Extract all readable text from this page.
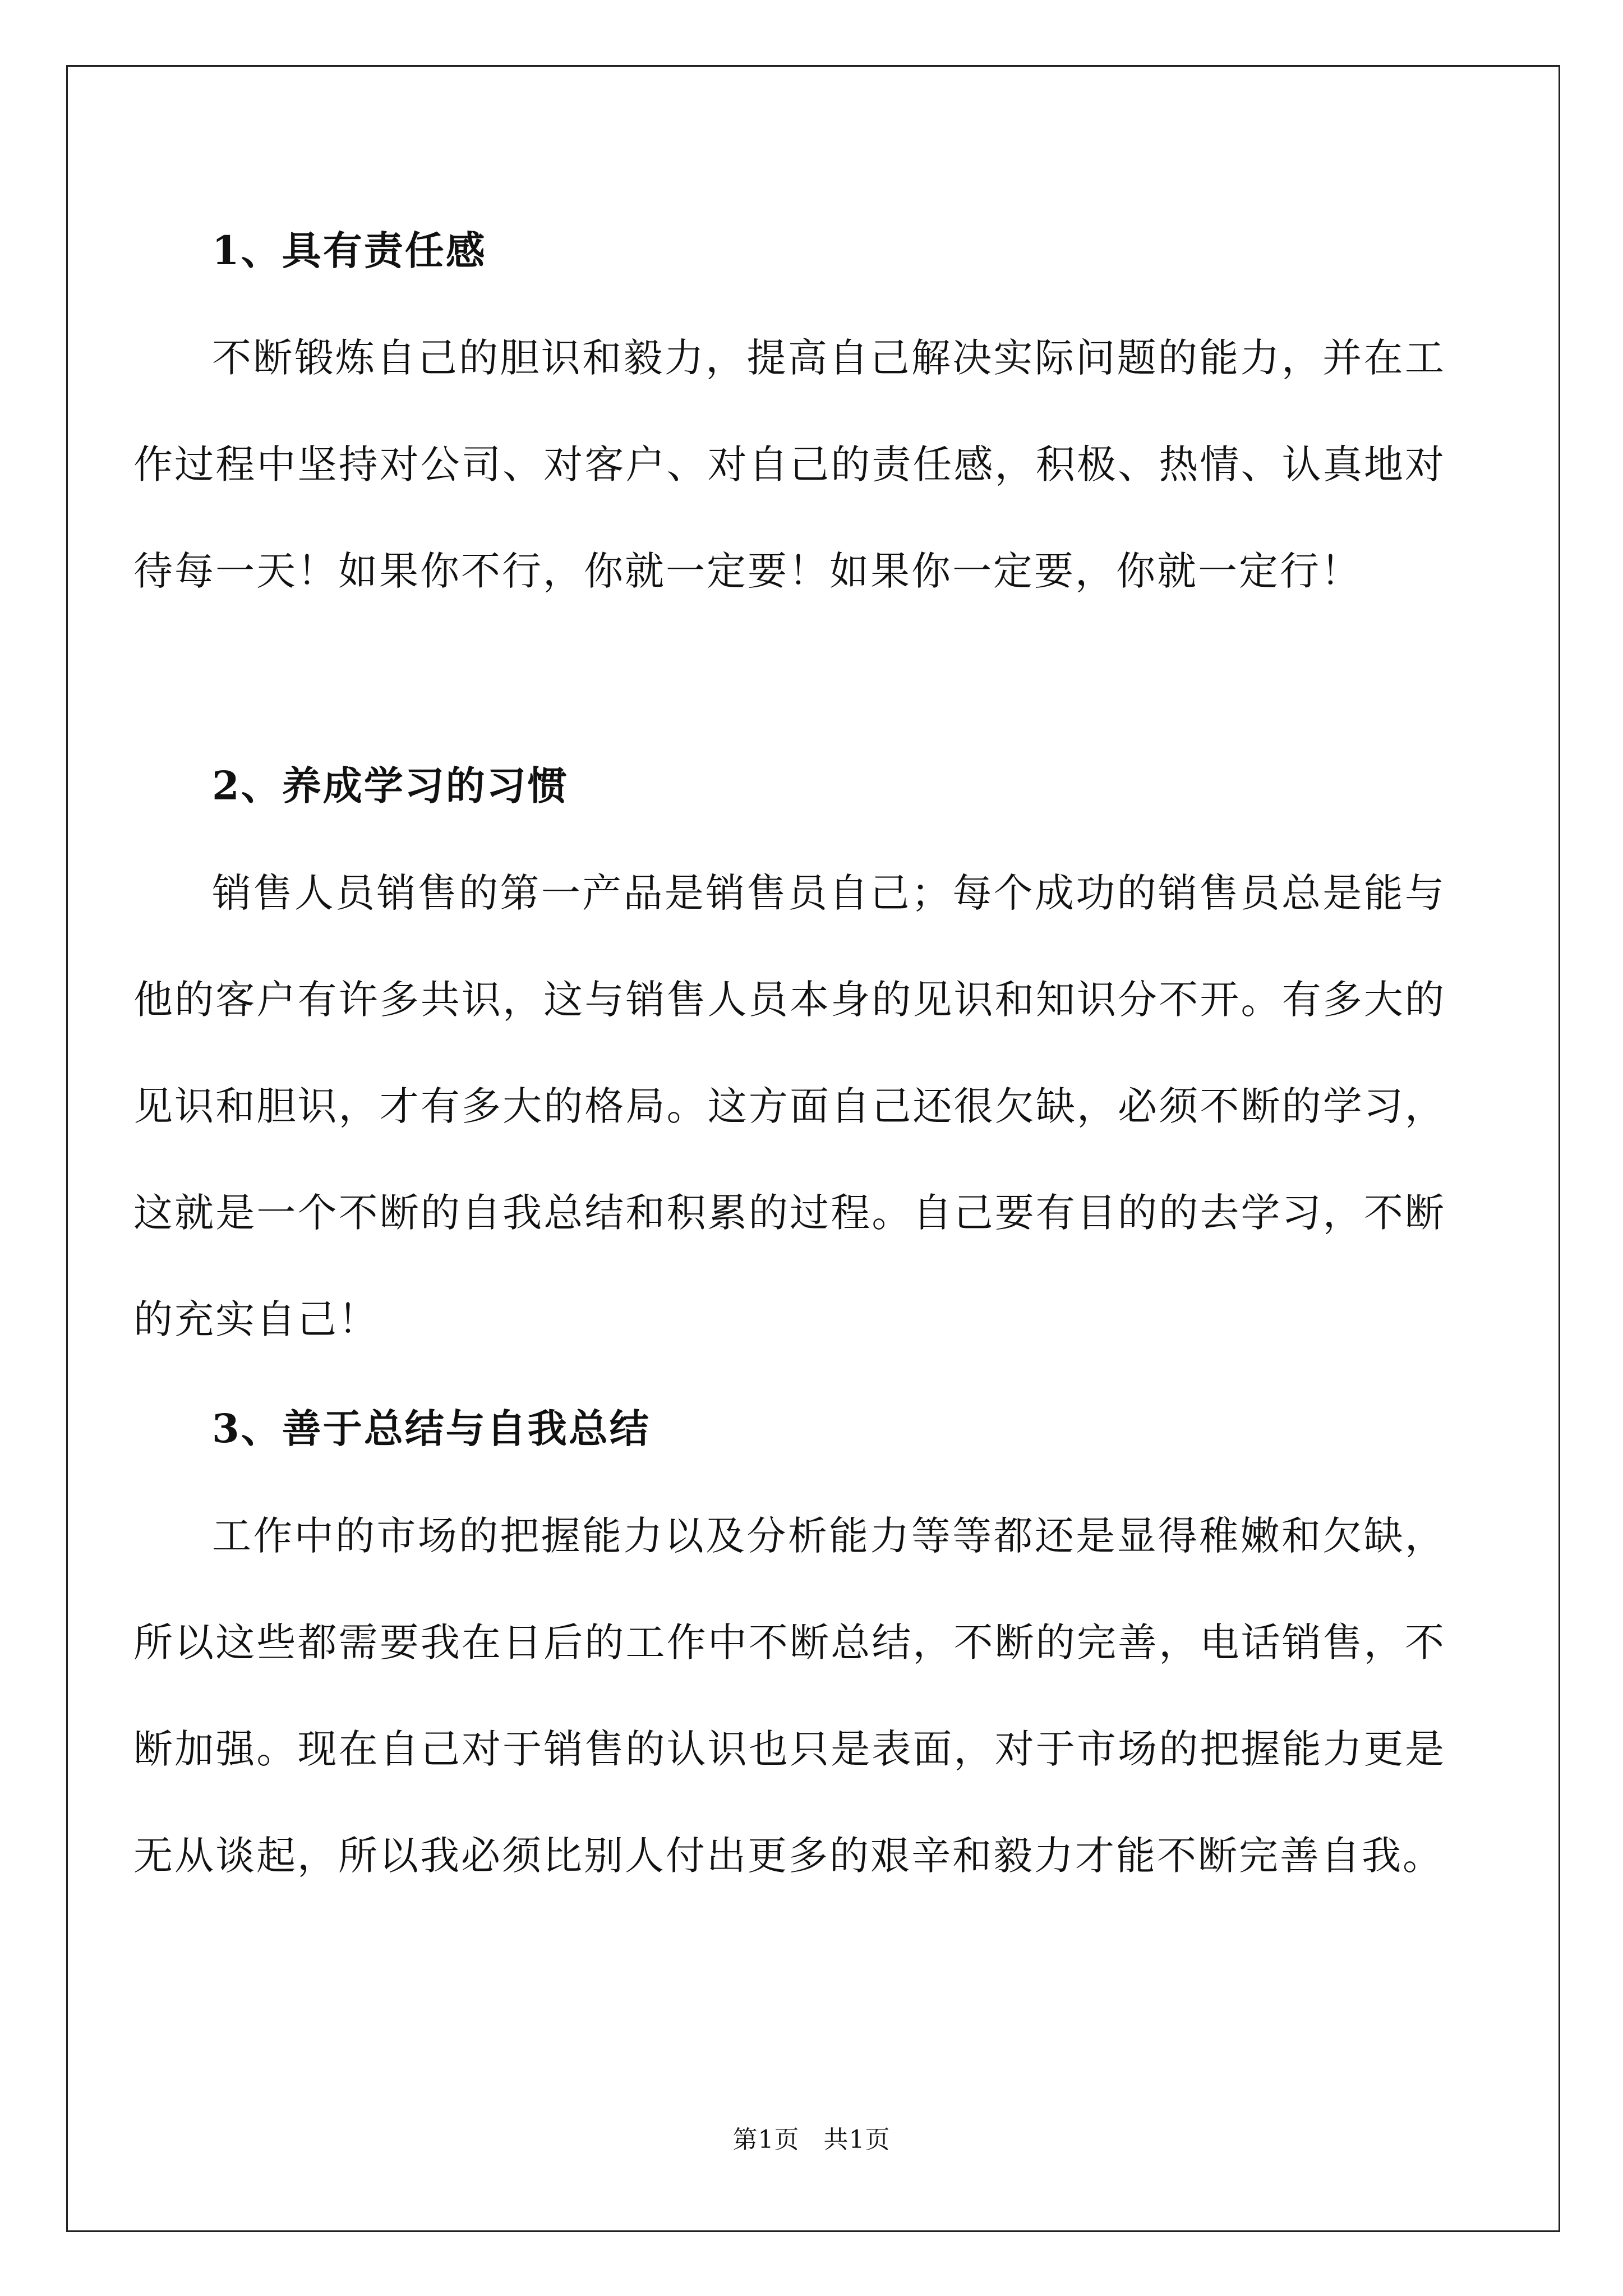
1、具有责任感

不断锻炼自己的胆识和毅力，提高自己解决实际问题的能力，并在工作过程中坚持对公司、对客户、对自己的责任感，积极、热情、认真地对待每一天！如果你不行，你就一定要！如果你一定要，你就一定行！

2、养成学习的习惯

销售人员销售的第一产品是销售员自己；每个成功的销售员总是能与他的客户有许多共识，这与销售人员本身的见识和知识分不开。有多大的见识和胆识，才有多大的格局。这方面自己还很欠缺，必须不断的学习，这就是一个不断的自我总结和积累的过程。自己要有目的的去学习，不断的充实自己！

3、善于总结与自我总结

工作中的市场的把握能力以及分析能力等等都还是显得稚嫩和欠缺，所以这些都需要我在日后的工作中不断总结，不断的完善，电话销售，不断加强。现在自己对于销售的认识也只是表面，对于市场的把握能力更是无从谈起，所以我必须比别人付出更多的艰辛和毅力才能不断完善自我。

第1页 共1页
